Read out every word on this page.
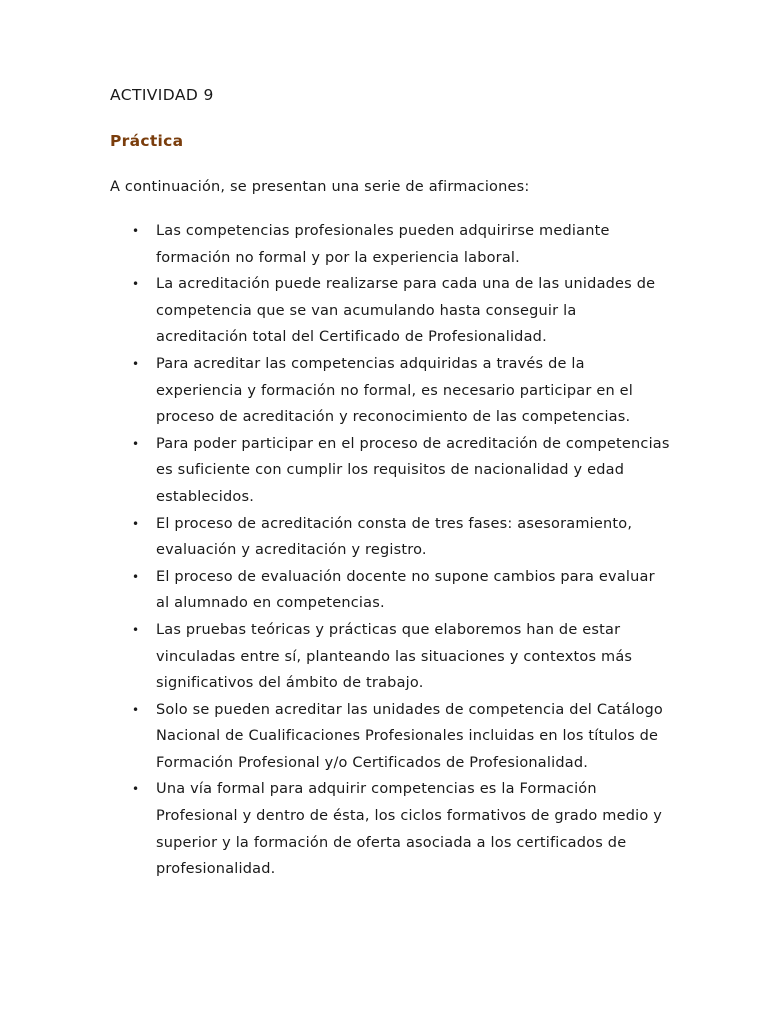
ACTIVIDAD 9
Práctica

A continuación, se presentan una serie de afirmaciones:

• Las competencias profesionales pueden adquirirse mediante formación no formal y por la experiencia laboral.
• La acreditación puede realizarse para cada una de las unidades de competencia que se van acumulando hasta conseguir la acreditación total del Certificado de Profesionalidad.
• Para acreditar las competencias adquiridas a través de la experiencia y formación no formal, es necesario participar en el proceso de acreditación y reconocimiento de las competencias.
• Para poder participar en el proceso de acreditación de competencias es suficiente con cumplir los requisitos de nacionalidad y edad establecidos.
• El proceso de acreditación consta de tres fases: asesoramiento, evaluación y acreditación y registro.
• El proceso de evaluación docente no supone cambios para evaluar al alumnado en competencias.
• Las pruebas teóricas y prácticas que elaboremos han de estar vinculadas entre sí, planteando las situaciones y contextos más significativos del ámbito de trabajo.
• Solo se pueden acreditar las unidades de competencia del Catálogo Nacional de Cualificaciones Profesionales incluidas en los títulos de Formación Profesional y/o Certificados de Profesionalidad.
• Una vía formal para adquirir competencias es la Formación Profesional y dentro de ésta, los ciclos formativos de grado medio y superior y la formación de oferta asociada a los certificados de profesionalidad.
